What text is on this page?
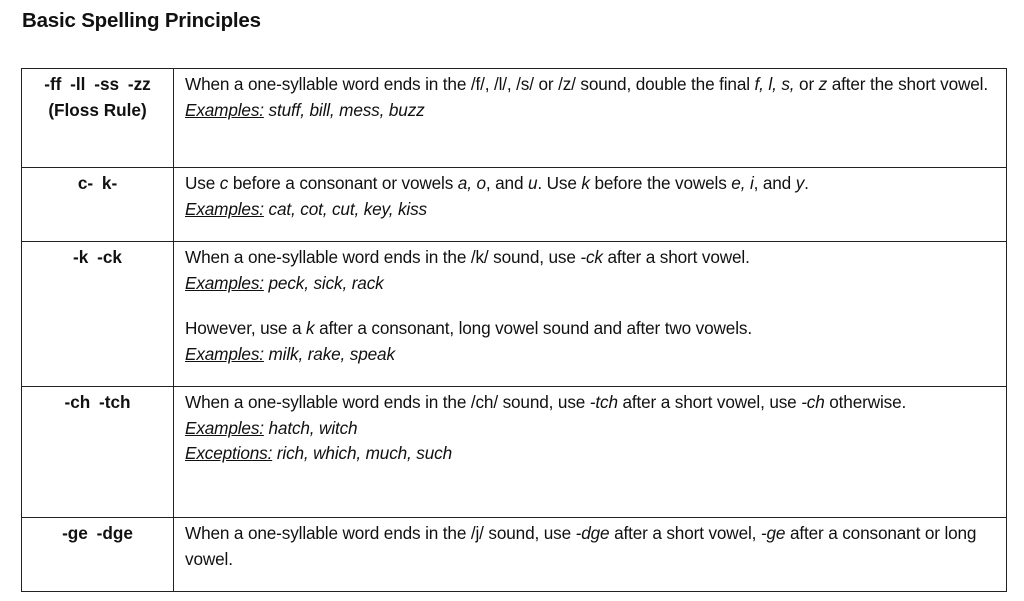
Basic Spelling Principles
-ff -ll -ss -zz
(Floss Rule)	When a one-syllable word ends in the /f/, /l/, /s/ or /z/ sound, double the final f, l, s, or z after the short vowel.
Examples: stuff, bill, mess, buzz

c- k-	Use c before a consonant or vowels a, o, and u. Use k before the vowels e, i, and y.
Examples: cat, cot, cut, key, kiss

-k -ck	When a one-syllable word ends in the /k/ sound, use -ck after a short vowel.
Examples: peck, sick, rack
However, use a k after a consonant, long vowel sound and after two vowels.
Examples: milk, rake, speak

-ch -tch	When a one-syllable word ends in the /ch/ sound, use -tch after a short vowel, use -ch otherwise.
Examples: hatch, witch
Exceptions: rich, which, much, such

-ge -dge	When a one-syllable word ends in the /j/ sound, use -dge after a short vowel, -ge after a consonant or long vowel.
